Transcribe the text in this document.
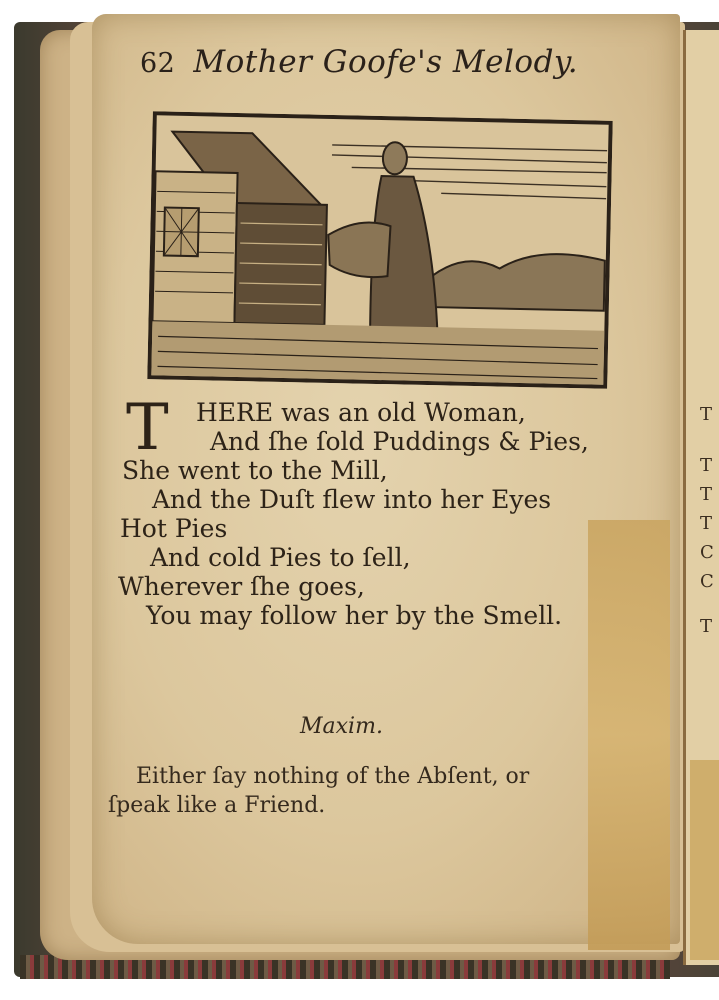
T
T
T
T
C
C
T
62 Mother Goofe's Melody.
T	HERE was an old Woman,
And ſhe ſold Puddings & Pies,
She went to the Mill,
And the Duſt flew into her Eyes
Hot Pies
And cold Pies to ſell,
Wherever ſhe goes,
You may follow her by the Smell.
Maxim.
Either ſay nothing of the Abſent, or
ſpeak like a Friend.
